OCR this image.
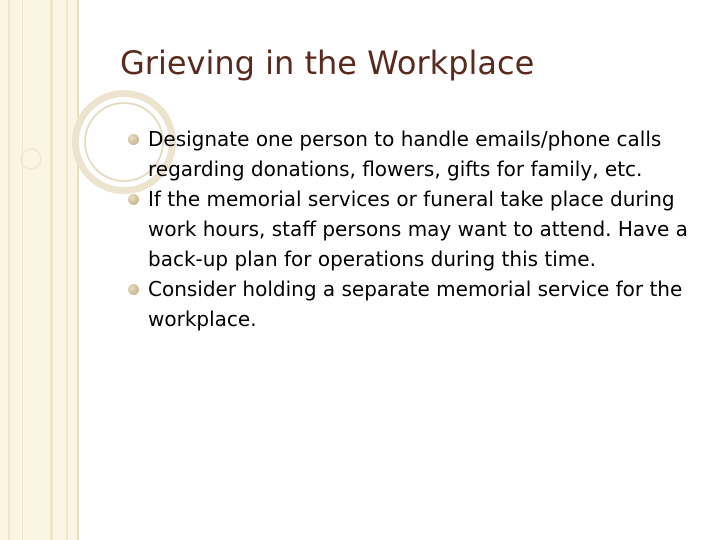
Grieving in the Workplace
Designate one person to handle emails/phone calls regarding donations, flowers, gifts for family, etc.
If the memorial services or funeral take place during work hours, staff persons may want to attend. Have a back-up plan for operations during this time.
Consider holding a separate memorial service for the workplace.
